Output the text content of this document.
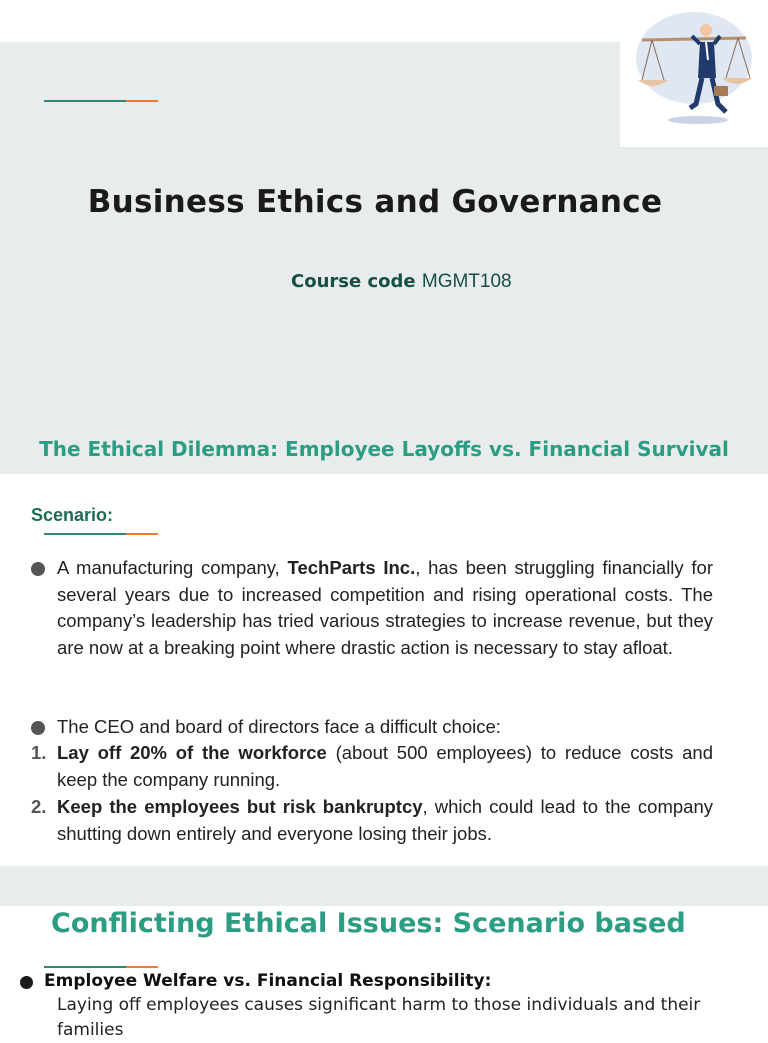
Business Ethics and Governance
Course code MGMT108
The Ethical Dilemma: Employee Layoffs vs. Financial Survival
Scenario:
A manufacturing company, TechParts Inc., has been struggling financially for several years due to increased competition and rising operational costs. The company’s leadership has tried various strategies to increase revenue, but they are now at a breaking point where drastic action is necessary to stay afloat.
The CEO and board of directors face a difficult choice:
1. Lay off 20% of the workforce (about 500 employees) to reduce costs and keep the company running.
2. Keep the employees but risk bankruptcy, which could lead to the company shutting down entirely and everyone losing their jobs.
Conflicting Ethical Issues: Scenario based
Employee Welfare vs. Financial Responsibility:
Laying off employees causes significant harm to those individuals and their families
